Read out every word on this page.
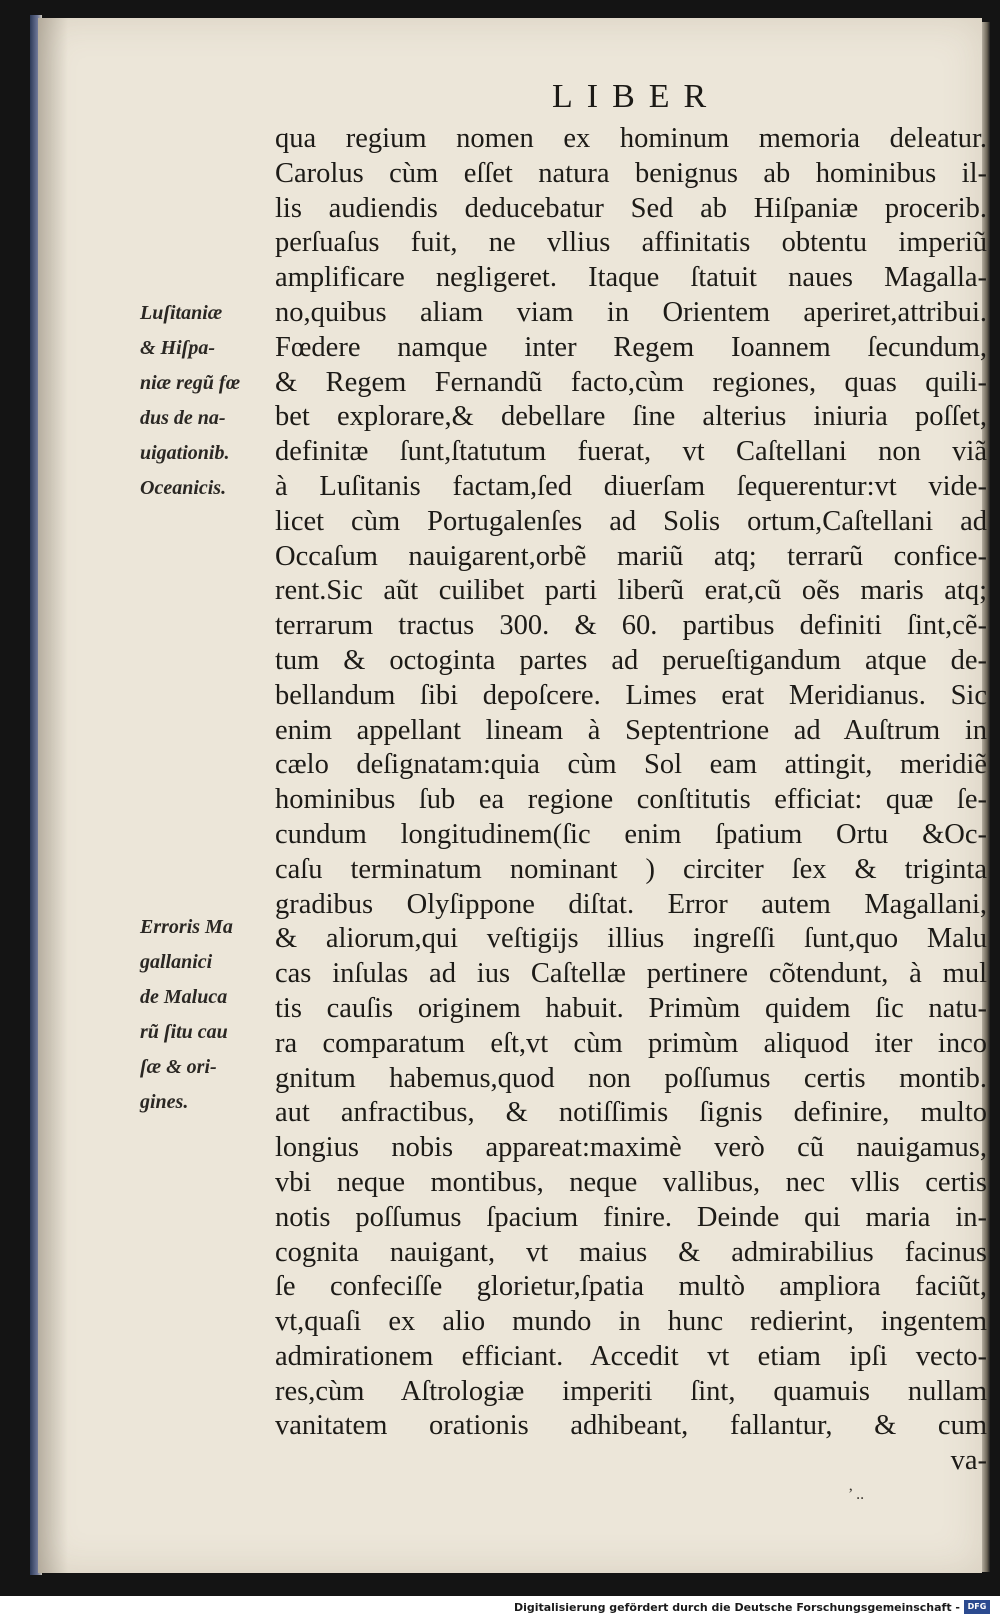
LIBER
qua regium nomen ex hominum memoria deleatur.
Carolus cùm eſſet natura benignus ab hominibus il-
lis audiendis deducebatur Sed ab Hiſpaniæ procerib.
perſuaſus fuit, ne vllius affinitatis obtentu imperiũ
amplificare negligeret. Itaque ſtatuit naues Magalla-
no,quibus aliam viam in Orientem aperiret,attribui.
Fœdere namque inter Regem Ioannem ſecundum,
& Regem Fernandũ facto,cùm regiones, quas quili-
bet explorare,& debellare ſine alterius iniuria poſſet,
definitæ ſunt,ſtatutum fuerat, vt Caſtellani non viã
à Luſitanis factam,ſed diuerſam ſequerentur:vt vide-
licet cùm Portugalenſes ad Solis ortum,Caſtellani ad
Occaſum nauigarent,orbẽ mariũ atq; terrarũ confice-
rent.Sic aũt cuilibet parti liberũ erat,cũ oẽs maris atq;
terrarum tractus 300. & 60. partibus definiti ſint,cẽ-
tum & octoginta partes ad perueſtigandum atque de-
bellandum ſibi depoſcere. Limes erat Meridianus. Sic
enim appellant lineam à Septentrione ad Auſtrum in
cælo deſignatam:quia cùm Sol eam attingit, meridiẽ
hominibus ſub ea regione conſtitutis efficiat: quæ ſe-
cundum longitudinem(ſic enim ſpatium Ortu &Oc-
caſu terminatum nominant ) circiter ſex & triginta
gradibus Olyſippone diſtat. Error autem Magallani,
& aliorum,qui veſtigijs illius ingreſſi ſunt,quo Malu
cas inſulas ad ius Caſtellæ pertinere cõtendunt, à mul
tis cauſis originem habuit. Primùm quidem ſic natu-
ra comparatum eſt,vt cùm primùm aliquod iter inco
gnitum habemus,quod non poſſumus certis montib.
aut anfractibus, & notiſſimis ſignis definire, multo
longius nobis appareat:maximè verò cũ nauigamus,
vbi neque montibus, neque vallibus, nec vllis certis
notis poſſumus ſpacium finire. Deinde qui maria in-
cognita nauigant, vt maius & admirabilius facinus
ſe confeciſſe glorietur,ſpatia multò ampliora faciũt,
vt,quaſi ex alio mundo in hunc redierint, ingentem
admirationem efficiant. Accedit vt etiam ipſi vecto-
res,cùm Aſtrologiæ imperiti ſint, quamuis nullam
vanitatem orationis adhibeant, fallantur, & cum
va-
Luſitaniæ
& Hiſpa-
niæ regũ fœ
dus de na-
uigationib.
Oceanicis.
Erroris Ma
gallanici
de Maluca
rũ ſitu cau
ſæ & ori-
gines.
’ ..
Digitalisierung gefördert durch die Deutsche Forschungsgemeinschaft - DFG
